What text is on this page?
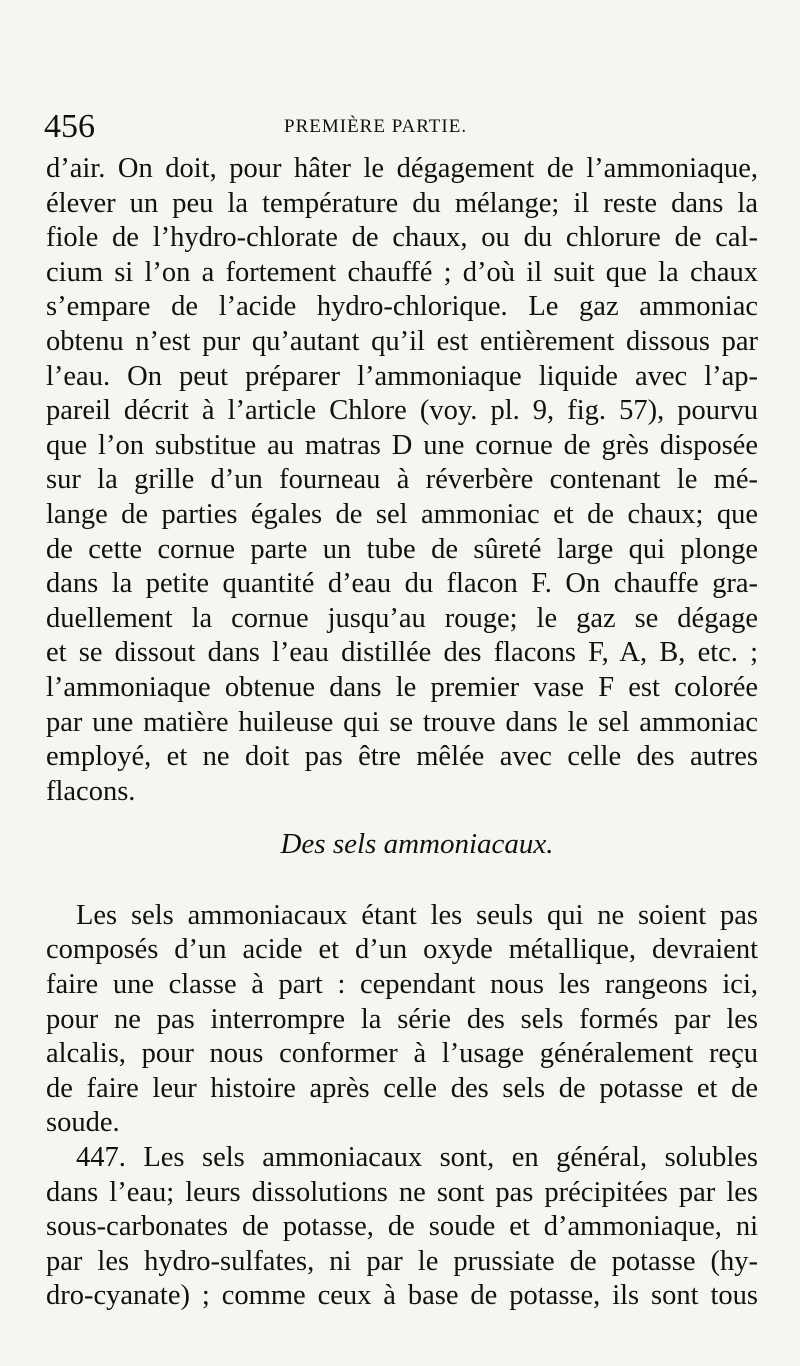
456	PREMIÈRE PARTIE.
d’air. On doit, pour hâter le dégagement de l’ammoniaque,
élever un peu la température du mélange; il reste dans la
fiole de l’hydro-chlorate de chaux, ou du chlorure de cal-
cium si l’on a fortement chauffé ; d’où il suit que la chaux
s’empare de l’acide hydro-chlorique. Le gaz ammoniac
obtenu n’est pur qu’autant qu’il est entièrement dissous par
l’eau. On peut préparer l’ammoniaque liquide avec l’ap-
pareil décrit à l’article Chlore (voy. pl. 9, fig. 57), pourvu
que l’on substitue au matras D une cornue de grès disposée
sur la grille d’un fourneau à réverbère contenant le mé-
lange de parties égales de sel ammoniac et de chaux; que
de cette cornue parte un tube de sûreté large qui plonge
dans la petite quantité d’eau du flacon F. On chauffe gra-
duellement la cornue jusqu’au rouge; le gaz se dégage
et se dissout dans l’eau distillée des flacons F, A, B, etc. ;
l’ammoniaque obtenue dans le premier vase F est colorée
par une matière huileuse qui se trouve dans le sel ammoniac
employé, et ne doit pas être mêlée avec celle des autres
flacons.
Des sels ammoniacaux.
Les sels ammoniacaux étant les seuls qui ne soient pas
composés d’un acide et d’un oxyde métallique, devraient
faire une classe à part : cependant nous les rangeons ici,
pour ne pas interrompre la série des sels formés par les
alcalis, pour nous conformer à l’usage généralement reçu
de faire leur histoire après celle des sels de potasse et de
soude.
447. Les sels ammoniacaux sont, en général, solubles
dans l’eau; leurs dissolutions ne sont pas précipitées par les
sous-carbonates de potasse, de soude et d’ammoniaque, ni
par les hydro-sulfates, ni par le prussiate de potasse (hy-
dro-cyanate) ; comme ceux à base de potasse, ils sont tous
